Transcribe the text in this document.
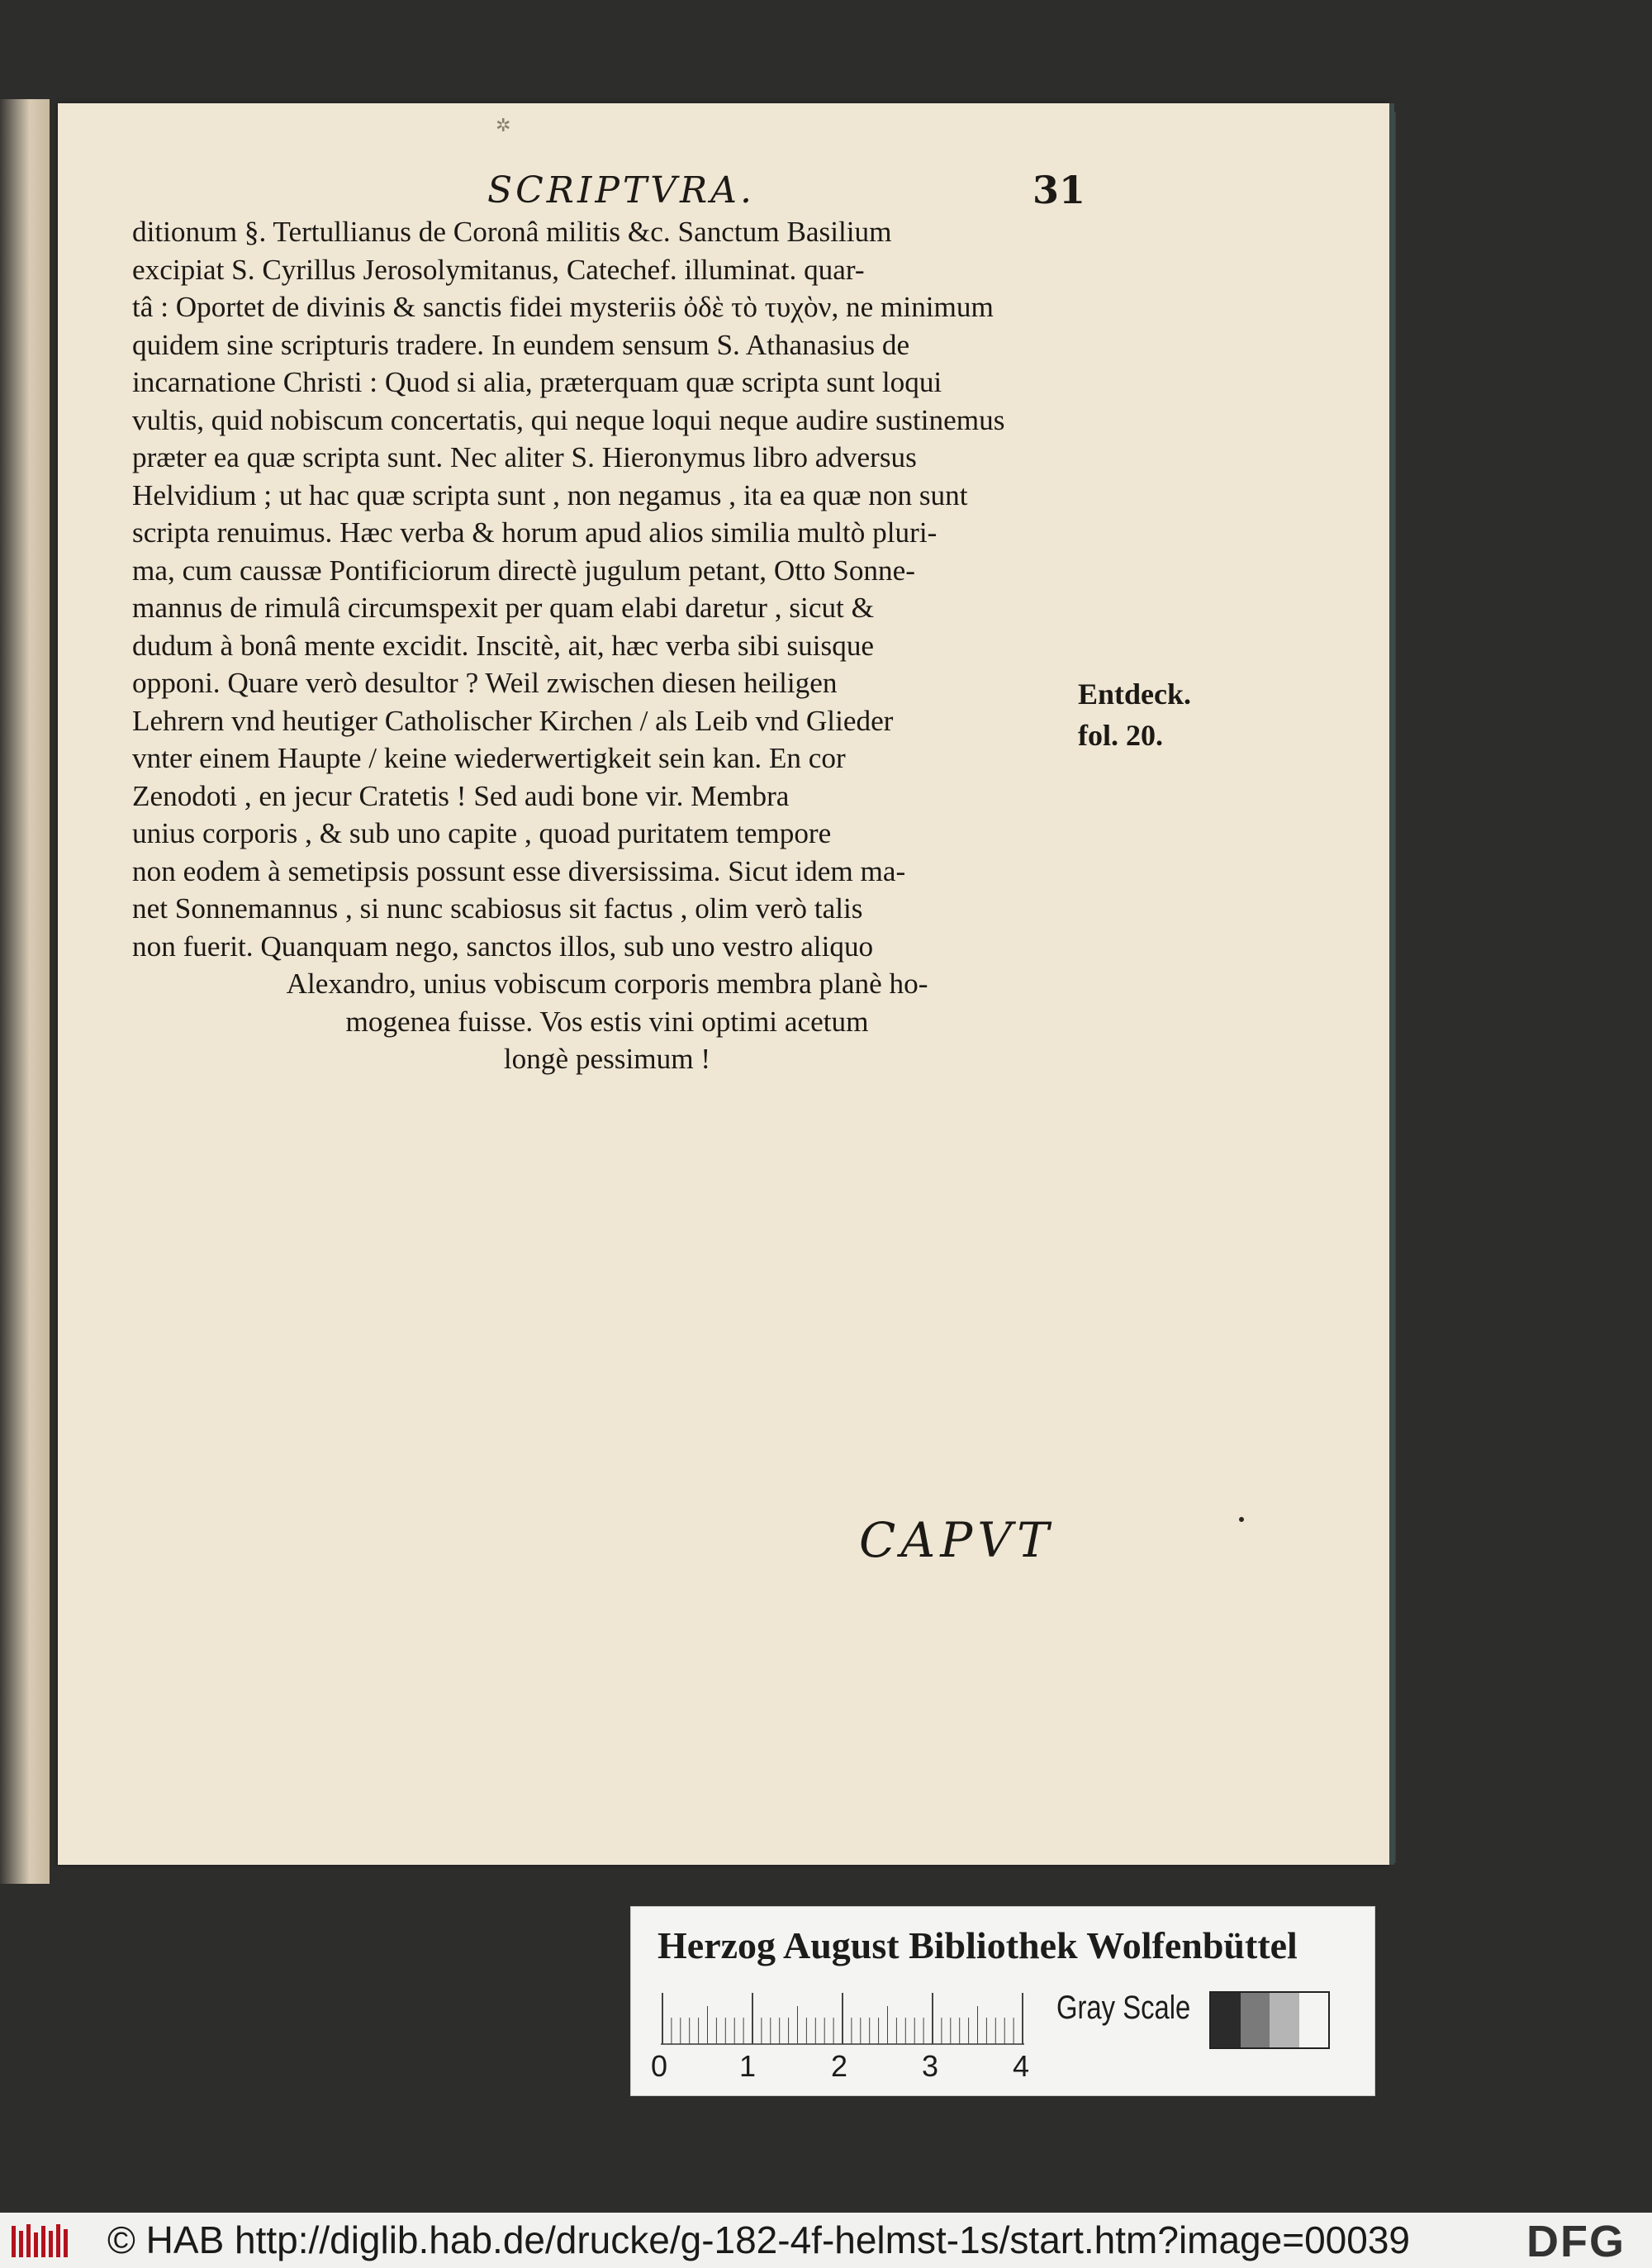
✲
SCRIPTVRA.	31
ditionum §. Tertullianus de Coronâ militis &c. Sanctum Basilium
excipiat S. Cyrillus Jerosolymitanus, Catechef. illuminat. quar-
tâ : Oportet de divinis & sanctis fidei mysteriis ὀδὲ τὸ τυχὸν, ne minimum
quidem sine scripturis tradere. In eundem sensum S. Athanasius de
incarnatione Christi : Quod si alia, præterquam quæ scripta sunt loqui
vultis, quid nobiscum concertatis, qui neque loqui neque audire sustinemus
præter ea quæ scripta sunt. Nec aliter S. Hieronymus libro adversus
Helvidium ; ut hac quæ scripta sunt , non negamus , ita ea quæ non sunt
scripta renuimus. Hæc verba & horum apud alios similia multò pluri-
ma, cum caussæ Pontificiorum directè jugulum petant, Otto Sonne-
mannus de rimulâ circumspexit per quam elabi daretur , sicut &
dudum à bonâ mente excidit. Inscitè, ait, hæc verba sibi suisque
opponi. Quare verò desultor ? Weil zwischen diesen heiligen
Lehrern vnd heutiger Catholischer Kirchen / als Leib vnd Glieder
vnter einem Haupte / keine wiederwertigkeit sein kan. En cor
Zenodoti , en jecur Cratetis ! Sed audi bone vir. Membra
unius corporis , & sub uno capite , quoad puritatem tempore
non eodem à semetipsis possunt esse diversissima. Sicut idem ma-
net Sonnemannus , si nunc scabiosus sit factus , olim verò talis
non fuerit. Quanquam nego, sanctos illos, sub uno vestro aliquo
Alexandro, unius vobiscum corporis membra planè ho-
mogenea fuisse. Vos estis vini optimi acetum
longè pessimum !
Entdeck.
fol. 20.
CAPVT
Herzog August Bibliothek Wolfenbüttel
0 1	2 3 4
Gray Scale
© HAB http://diglib.hab.de/drucke/g-182-4f-helmst-1s/start.htm?image=00039	DFG
